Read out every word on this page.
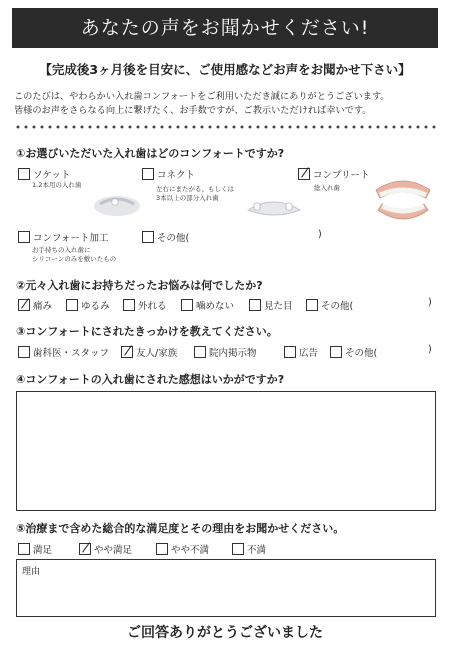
あなたの声をお聞かせください!
【完成後3ヶ月後を目安に、ご使用感などお声をお聞かせ下さい】
このたびは、やわらかい入れ歯コンフォートをご利用いただき誠にありがとうございます。
皆様のお声をさらなる向上に繋げたく、お手数ですが、ご教示いただければ幸いです。
①お選びいただいた入れ歯はどのコンフォートですか?
ソケット
1.2本用の入れ歯
コネクト
左右にまたがる、もしくは
3本以上の部分入れ歯
コンプリート
総入れ歯
コンフォート加工
お手持ちの入れ歯に
シリコーンのみを敷いたもの
その他(	)
②元々入れ歯にお持ちだったお悩みは何でしたか?
痛み	ゆるみ	外れる	噛めない	見た目	その他(	)
③コンフォートにされたきっかけを教えてください。
歯科医・スタッフ	友人/家族	院内掲示物	広告	その他(	)
④コンフォートの入れ歯にされた感想はいかがですか?
⑤治療まで含めた総合的な満足度とその理由をお聞かせください。
満足	やや満足	やや不満	不満
理由
ご回答ありがとうございました
